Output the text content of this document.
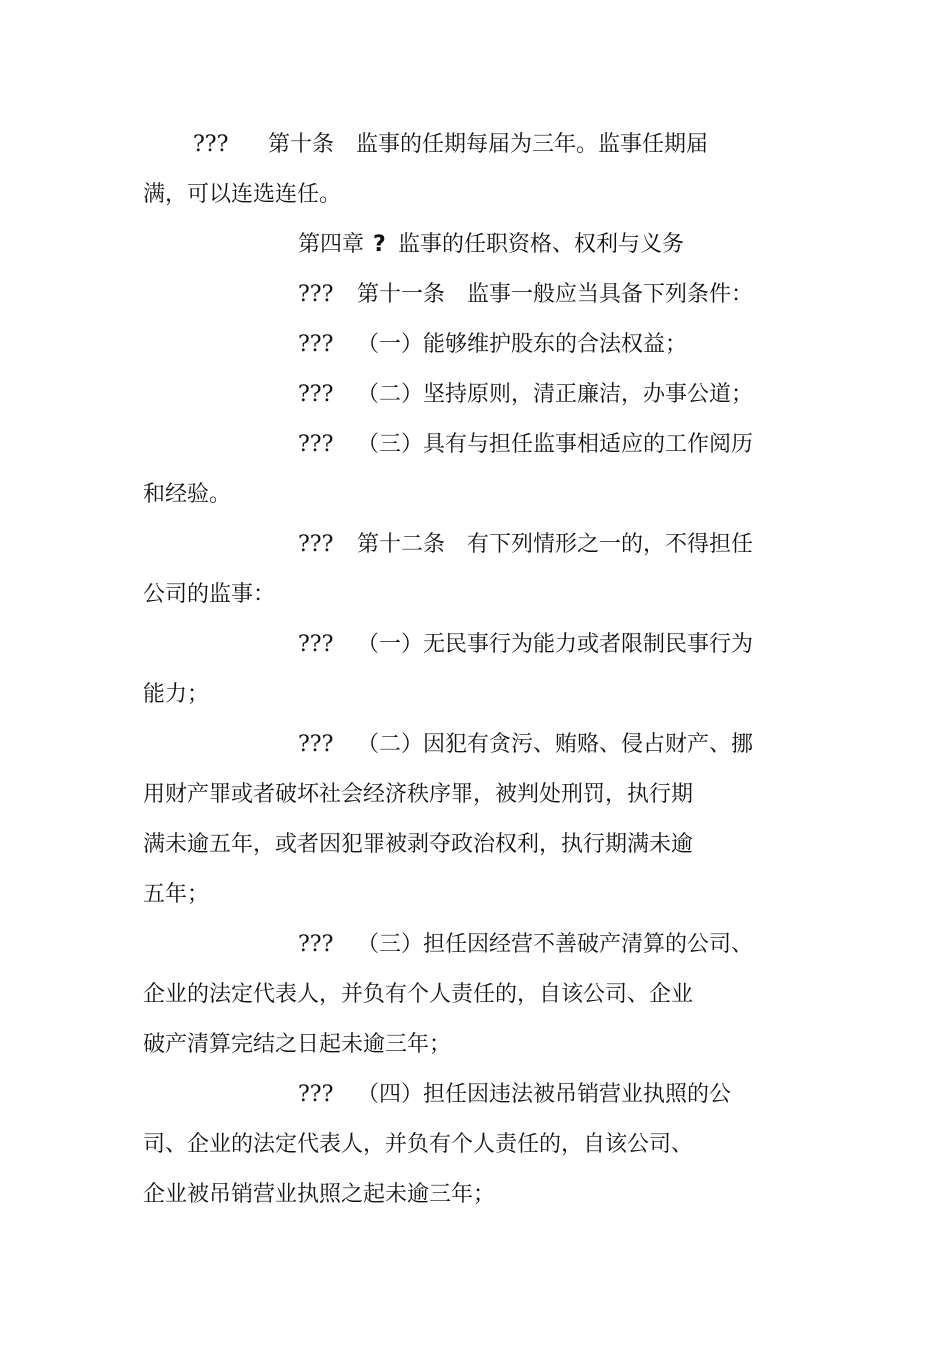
??? 第十条　监事的任期每届为三年。监事任期届
满，可以连选连任。
第四章 ? 监事的任职资格、权利与义务
??? 第十一条　监事一般应当具备下列条件：
??? （一）能够维护股东的合法权益；
??? （二）坚持原则，清正廉洁，办事公道；
??? （三）具有与担任监事相适应的工作阅历
和经验。
??? 第十二条　有下列情形之一的，不得担任
公司的监事：
??? （一）无民事行为能力或者限制民事行为
能力；
??? （二）因犯有贪污、贿赂、侵占财产、挪
用财产罪或者破坏社会经济秩序罪，被判处刑罚，执行期
满未逾五年，或者因犯罪被剥夺政治权利，执行期满未逾
五年；
??? （三）担任因经营不善破产清算的公司、
企业的法定代表人，并负有个人责任的，自该公司、企业
破产清算完结之日起未逾三年；
??? （四）担任因违法被吊销营业执照的公
司、企业的法定代表人，并负有个人责任的，自该公司、
企业被吊销营业执照之起未逾三年；
